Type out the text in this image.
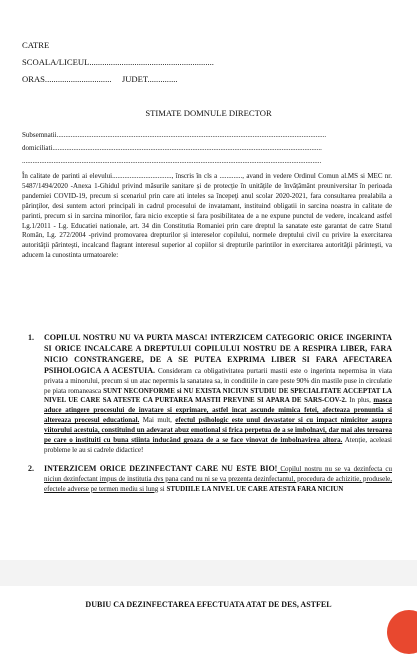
CATRE
SCOALA/LICEUL..........................................................
ORAS............................... JUDET..............
STIMATE DOMNULE DIRECTOR
Subsemnatii..........................................................................................................................................................
domiciliati..........................................................................................................................................................
...........................................................................................................................................................................
În calitate de parinti ai elevului.................................., înscris în cls a ............., avand in vedere Ordinul Comun al.MS si MEC nr. 5487/1494/2020 -Anexa 1-Ghidul privind măsurile sanitare și de protecție în unitățile de învățământ preuniversitar în perioada pandemiei COVID-19, precum si scenariul prin care ati inteles sa începeţi anul scolar 2020-2021, fara consultarea prealabila a părinţilor, desi suntem actori principali in cadrul procesului de invatamant, instituind obligatii in sarcina noastra in calitate de parinti, precum si in sarcina minorilor, fara nicio exceptie si fara posibilitatea de a ne expune punctul de vedere, incalcand astfel Lg.1/2011 - Lg. Educatiei nationale, art. 34 din Constitutia Romaniei prin care dreptul la sanatate este garantat de catre Statul Român, Lg. 272/2004 -privind promovarea drepturilor și intereselor copilului, normele dreptului civil cu privire la exercitarea autorităţii părinteşti, incalcand flagrant interesul superior al copiilor si drepturile parintilor in exercitarea autorităţii părinteşti, va aducem la cunostinta urmatoarele:
1. COPILUL NOSTRU NU VA PURTA MASCA! INTERZICEM CATEGORIC ORICE INGERINTA SI ORICE INCALCARE A DREPTULUI COPILULUI NOSTRU DE A RESPIRA LIBER, FARA NICIO CONSTRANGERE, DE A SE PUTEA EXPRIMA LIBER SI FARA AFECTAREA PSIHOLOGICA A ACESTUIA. Consideram ca obligativitatea purtarii mastii este o ingerinta nepermisa in viata privata a minorului, precum si un atac nepermis la sanatatea sa, in conditiile in care peste 90% din mastile puse in circulatie pe piata romaneasca SUNT NECONFORME si NU EXISTA NICIUN STUDIU DE SPECIALITATE ACCEPTAT LA NIVEL UE CARE SA ATESTE CA PURTAREA MASTII PREVINE SI APARA DE SARS-COV-2. In plus, masca aduce atingere procesului de invatare si exprimare, astfel incat ascunde mimica fetei, afecteaza pronuntia si altereaza procesul educational. Mai mult, efectul psihologic este unul devastator si cu impact nimicitor asupra viitorului acestuia, constituind un adevarat abuz emotional si frica perpetua de a se imbolnavi, dar mai ales teroarea pe care o instituiti cu buna stiinta inducând groaza de a se face vinovat de imbolnavirea altora. Atenție, aceleasi probleme le au si cadrele didactice!
2. INTERZICEM ORICE DEZINFECTANT CARE NU ESTE BIO! Copilul nostru nu se va dezinfecta cu niciun dezinfectant impus de institutia dvs pana cand nu ni se va prezenta dezinfectantul, procedura de achizitie, produsele, efectele adverse pe termen mediu si lung si STUDIILE LA NIVEL UE CARE ATESTA FARA NICIUN
DUBIU CA DEZINFECTAREA EFECTUATA ATAT DE DES, ASTFEL
